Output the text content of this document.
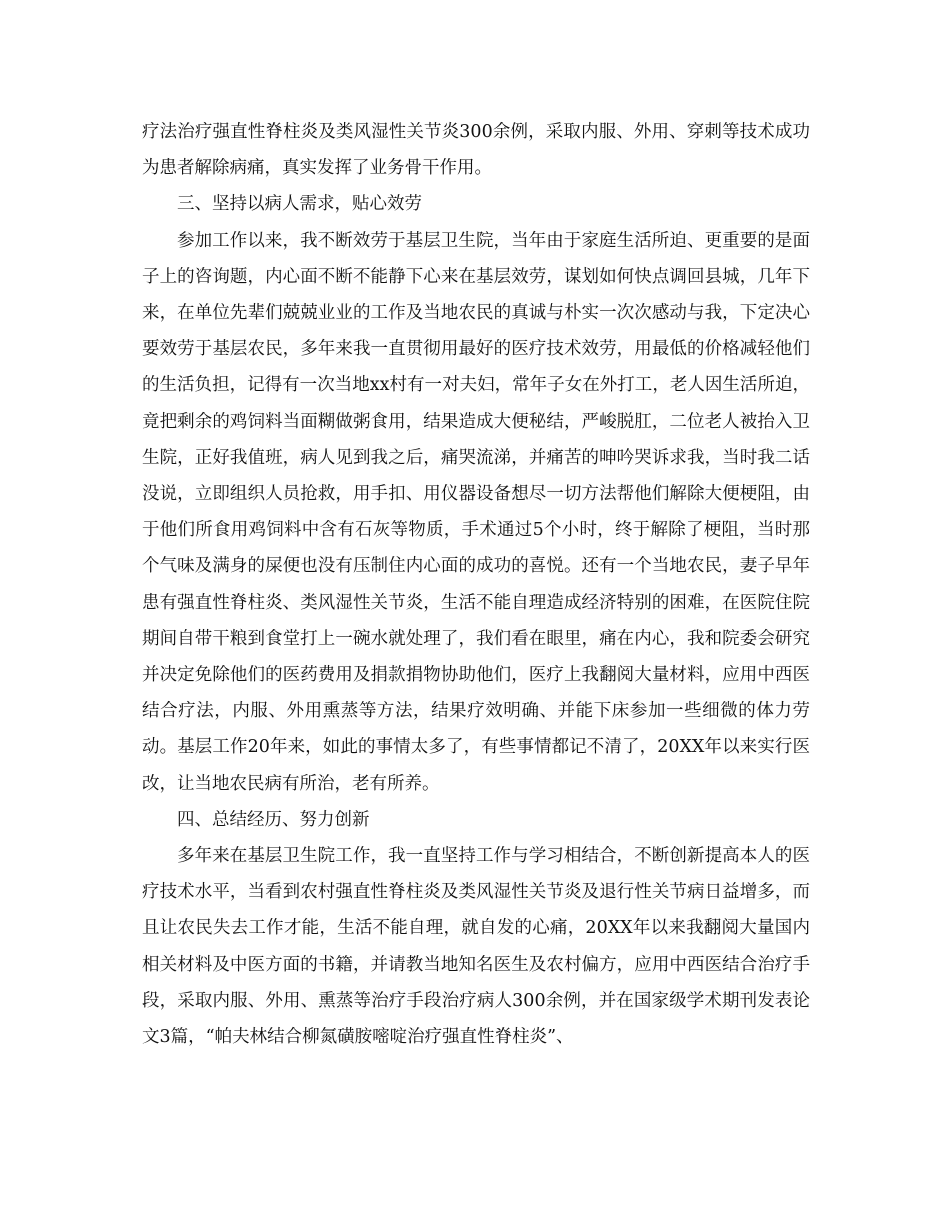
疗法治疗强直性脊柱炎及类风湿性关节炎300余例，采取内服、外用、穿刺等技术成功为患者解除病痛，真实发挥了业务骨干作用。

三、坚持以病人需求，贴心效劳

参加工作以来，我不断效劳于基层卫生院，当年由于家庭生活所迫、更重要的是面子上的咨询题，内心面不断不能静下心来在基层效劳，谋划如何快点调回县城，几年下来，在单位先辈们兢兢业业的工作及当地农民的真诚与朴实一次次感动与我，下定决心要效劳于基层农民，多年来我一直贯彻用最好的医疗技术效劳，用最低的价格减轻他们的生活负担，记得有一次当地xx村有一对夫妇，常年子女在外打工，老人因生活所迫，竟把剩余的鸡饲料当面糊做粥食用，结果造成大便秘结，严峻脱肛，二位老人被抬入卫生院，正好我值班，病人见到我之后，痛哭流涕，并痛苦的呻吟哭诉求我，当时我二话没说，立即组织人员抢救，用手扣、用仪器设备想尽一切方法帮他们解除大便梗阻，由于他们所食用鸡饲料中含有石灰等物质，手术通过5个小时，终于解除了梗阻，当时那个气味及满身的屎便也没有压制住内心面的成功的喜悦。还有一个当地农民，妻子早年患有强直性脊柱炎、类风湿性关节炎，生活不能自理造成经济特别的困难，在医院住院期间自带干粮到食堂打上一碗水就处理了，我们看在眼里，痛在内心，我和院委会研究并决定免除他们的医药费用及捐款捐物协助他们，医疗上我翻阅大量材料，应用中西医结合疗法，内服、外用熏蒸等方法，结果疗效明确、并能下床参加一些细微的体力劳动。基层工作20年来，如此的事情太多了，有些事情都记不清了，20XX年以来实行医改，让当地农民病有所治，老有所养。

四、总结经历、努力创新

多年来在基层卫生院工作，我一直坚持工作与学习相结合，不断创新提高本人的医疗技术水平，当看到农村强直性脊柱炎及类风湿性关节炎及退行性关节病日益增多，而且让农民失去工作才能，生活不能自理，就自发的心痛，20XX年以来我翻阅大量国内相关材料及中医方面的书籍，并请教当地知名医生及农村偏方，应用中西医结合治疗手段，采取内服、外用、熏蒸等治疗手段治疗病人300余例，并在国家级学术期刊发表论文3篇，“帕夫林结合柳氮磺胺嘧啶治疗强直性脊柱炎”、
